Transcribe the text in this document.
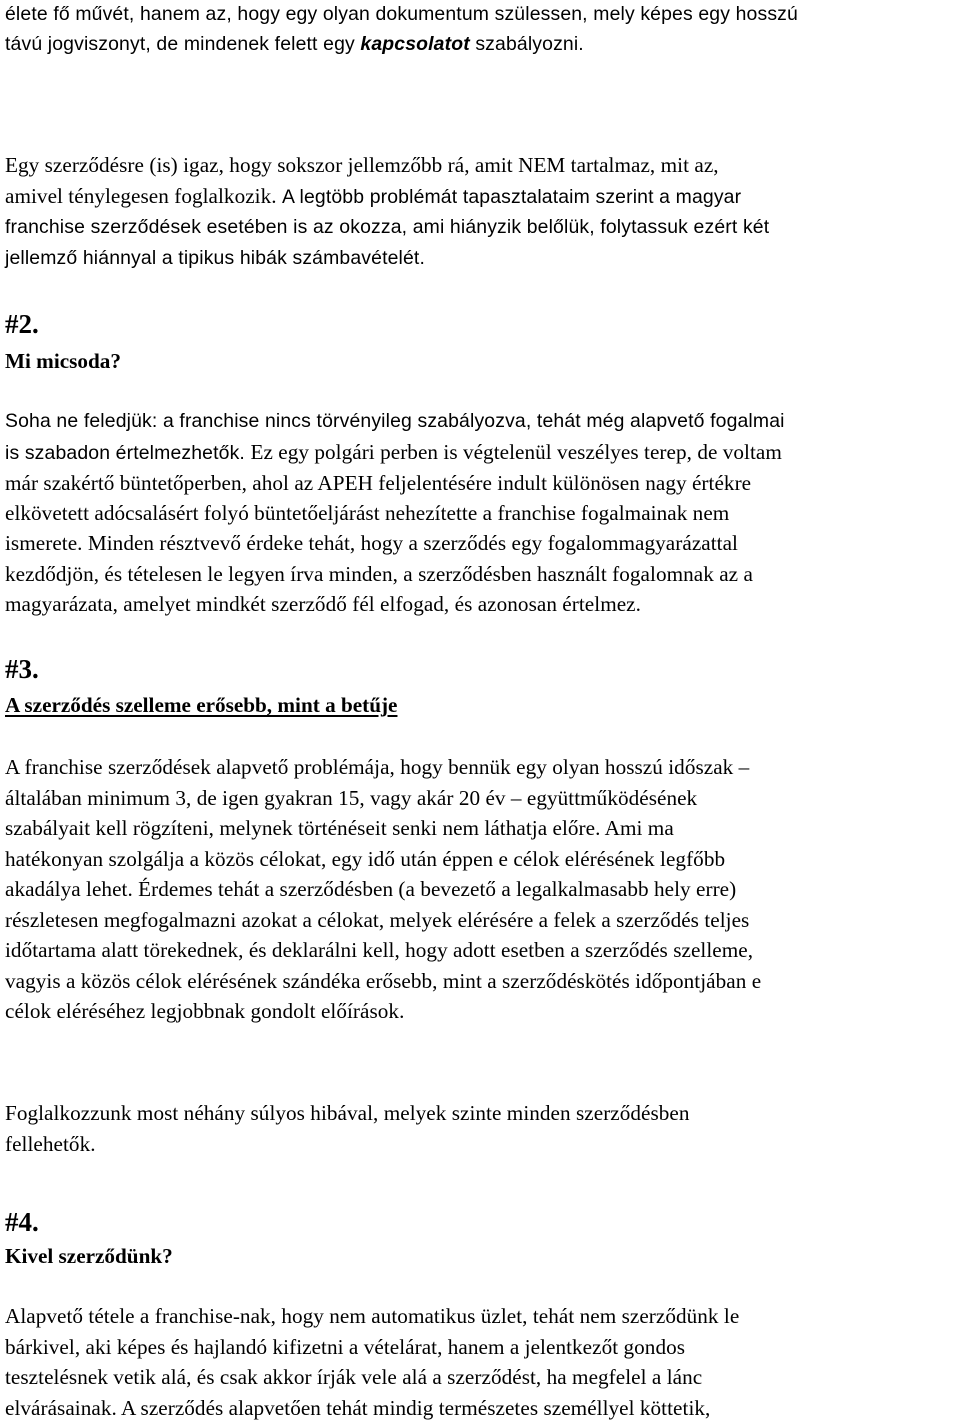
élete fő művét, hanem az, hogy egy olyan dokumentum szülessen, mely képes egy hosszú
távú jogviszonyt, de mindenek felett egy kapcsolatot szabályozni.
Egy szerződésre (is) igaz, hogy sokszor jellemzőbb rá, amit NEM tartalmaz, mit az,
amivel ténylegesen foglalkozik. A legtöbb problémát tapasztalataim szerint a magyar
franchise szerződések esetében is az okozza, ami hiányzik belőlük, folytassuk ezért két
jellemző hiánnyal a tipikus hibák számbavételét.
#2.
Mi micsoda?
Soha ne feledjük: a franchise nincs törvényileg szabályozva, tehát még alapvető fogalmai
is szabadon értelmezhetők. Ez egy polgári perben is végtelenül veszélyes terep, de voltam
már szakértő büntetőperben, ahol az APEH feljelentésére indult különösen nagy értékre
elkövetett adócsalásért folyó büntetőeljárást nehezítette a franchise fogalmainak nem
ismerete. Minden résztvevő érdeke tehát, hogy a szerződés egy fogalommagyarázattal
kezdődjön, és tételesen le legyen írva minden, a szerződésben használt fogalomnak az a
magyarázata, amelyet mindkét szerződő fél elfogad, és azonosan értelmez.
#3.
A szerződés szelleme erősebb, mint a betűje
A franchise szerződések alapvető problémája, hogy bennük egy olyan hosszú időszak –
általában minimum 3, de igen gyakran 15, vagy akár 20 év – együttműködésének
szabályait kell rögzíteni, melynek történéseit senki nem láthatja előre. Ami ma
hatékonyan szolgálja a közös célokat, egy idő után éppen e célok elérésének legfőbb
akadálya lehet. Érdemes tehát a szerződésben (a bevezető a legalkalmasabb hely erre)
részletesen megfogalmazni azokat a célokat, melyek elérésére a felek a szerződés teljes
időtartama alatt törekednek, és deklarálni kell, hogy adott esetben a szerződés szelleme,
vagyis a közös célok elérésének szándéka erősebb, mint a szerződéskötés időpontjában e
célok eléréséhez legjobbnak gondolt előírások.
Foglalkozzunk most néhány súlyos hibával, melyek szinte minden szerződésben
fellehetők.
#4.
Kivel szerződünk?
Alapvető tétele a franchise-nak, hogy nem automatikus üzlet, tehát nem szerződünk le
bárkivel, aki képes és hajlandó kifizetni a vételárat, hanem a jelentkezőt gondos
tesztelésnek vetik alá, és csak akkor írják vele alá a szerződést, ha megfelel a lánc
elvárásainak. A szerződés alapvetően tehát mindig természetes személlyel köttetik,
